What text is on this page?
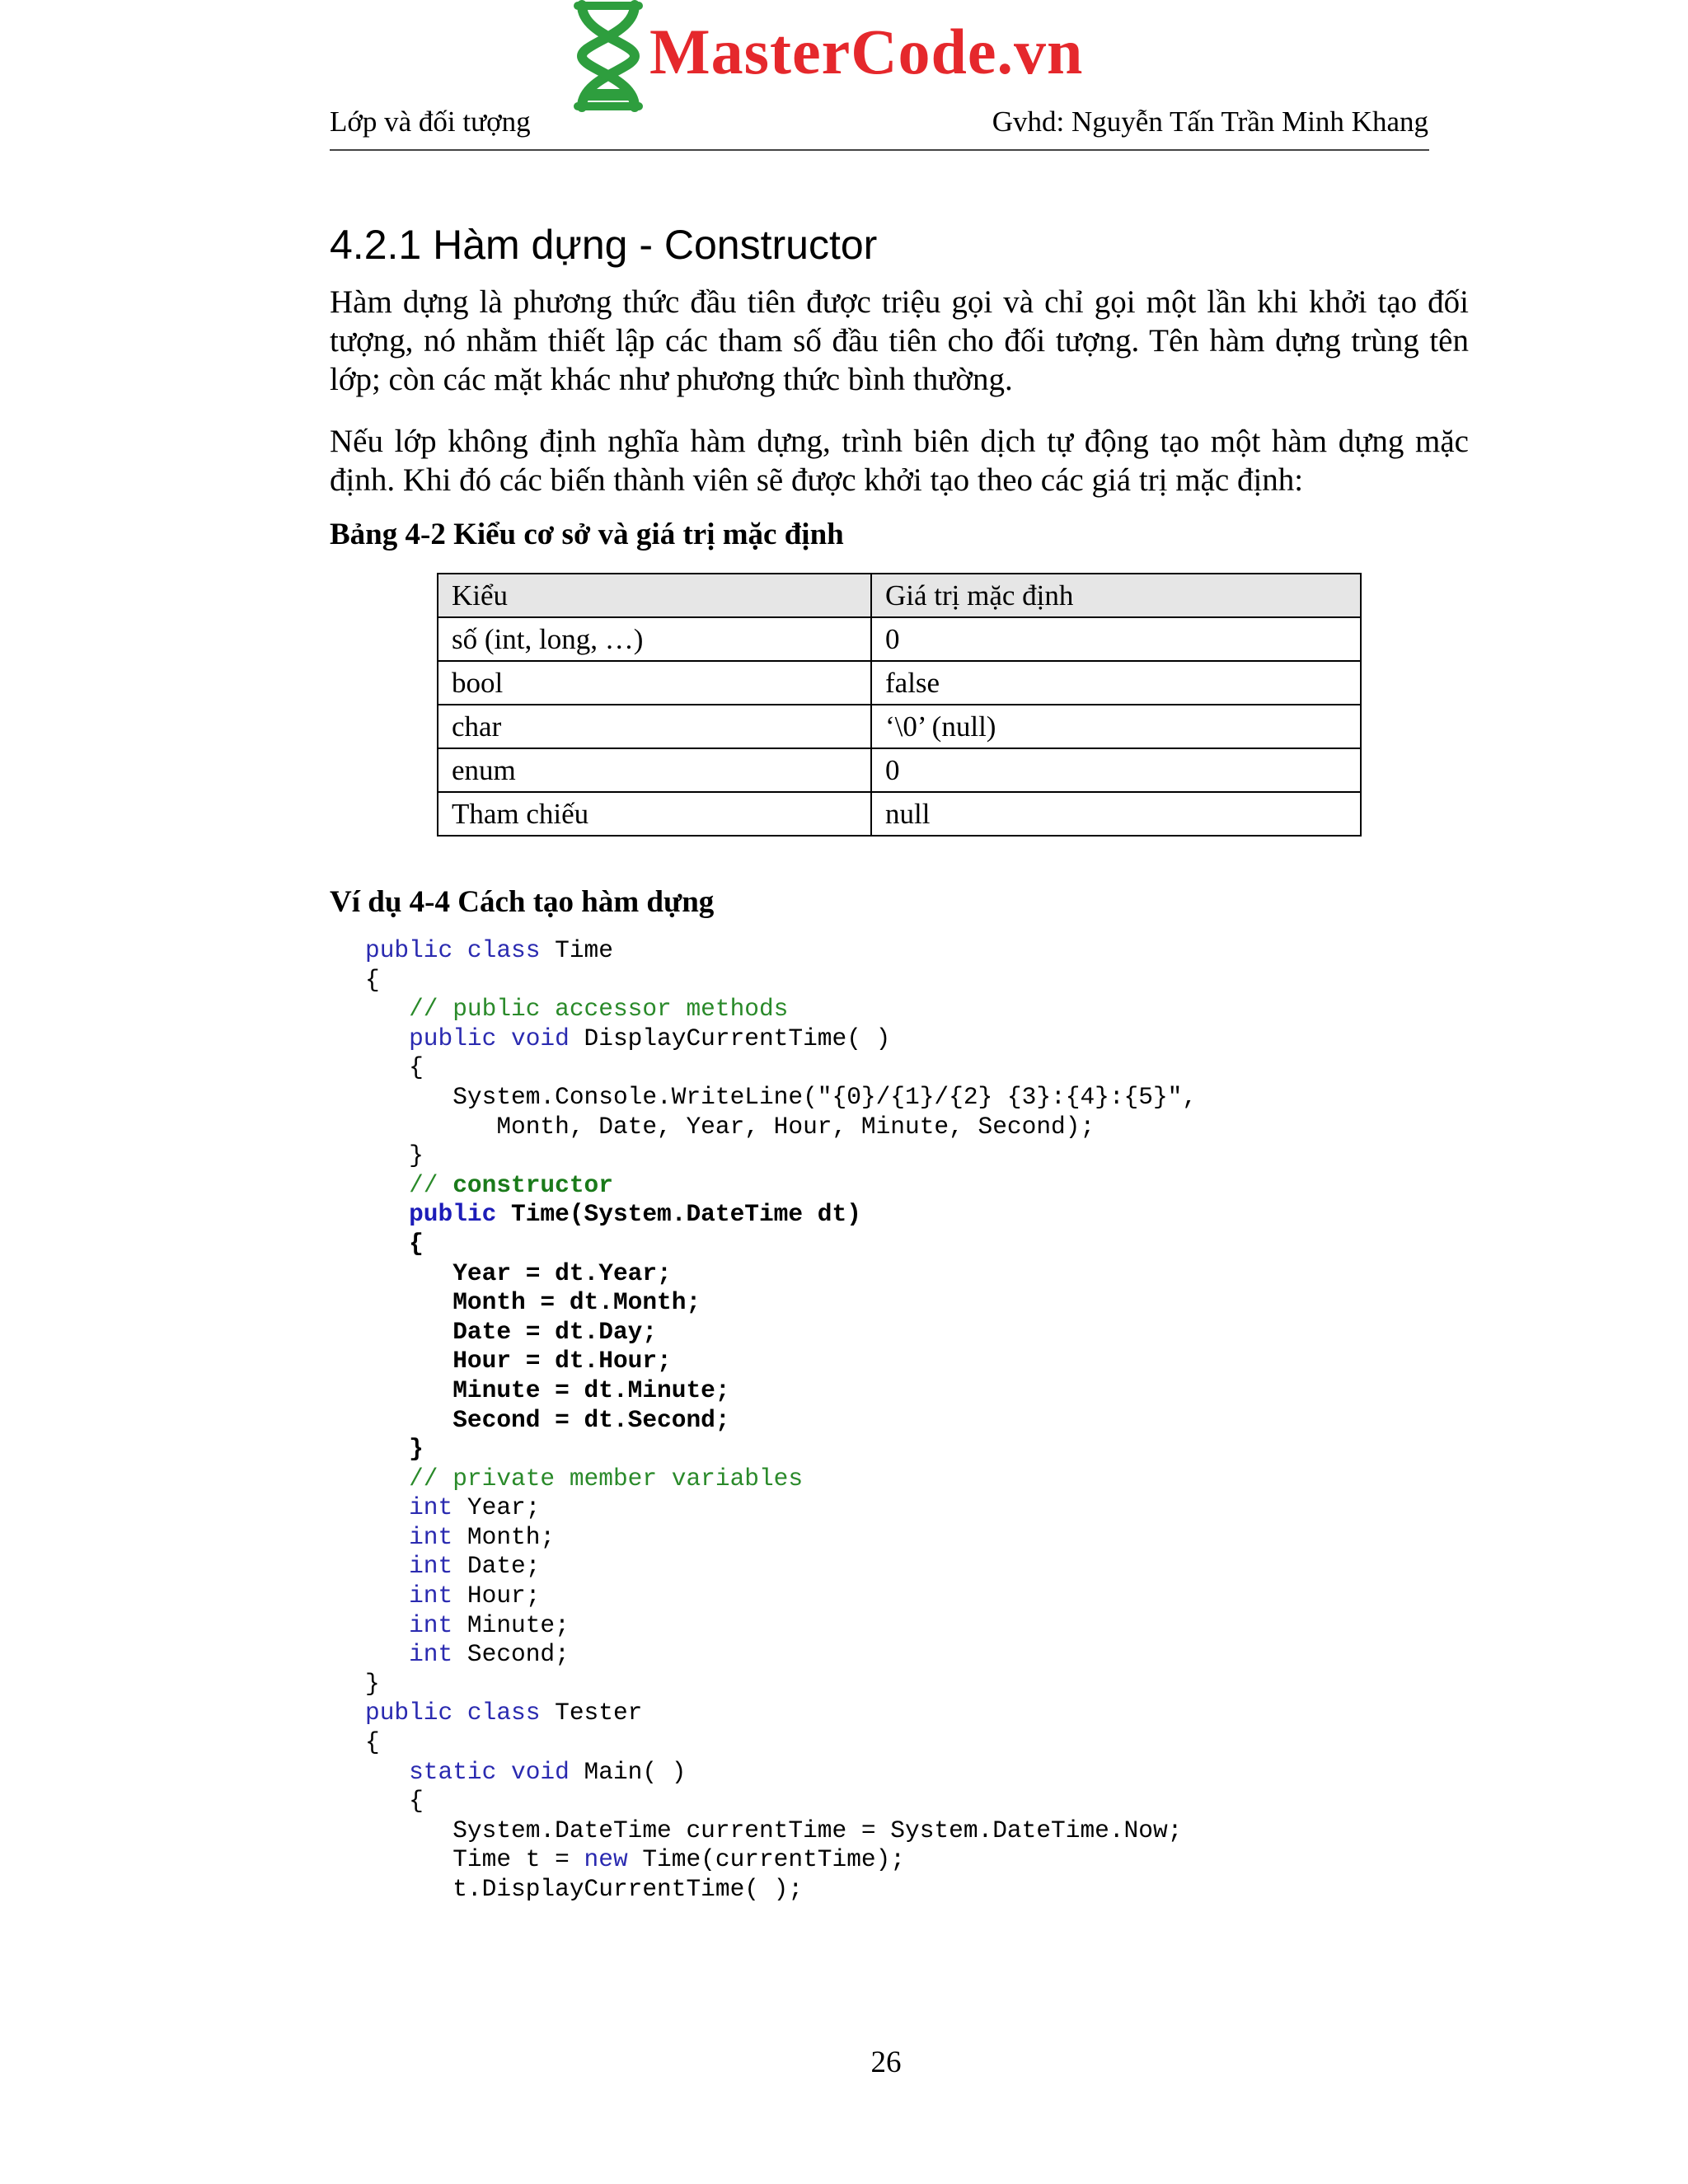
MasterCode.vn
Lớp và đối tượng	Gvhd: Nguyễn Tấn Trần Minh Khang
4.2.1 Hàm dựng - Constructor

Hàm dựng là phương thức đầu tiên được triệu gọi và chỉ gọi một lần khi khởi tạo đối tượng, nó nhằm thiết lập các tham số đầu tiên cho đối tượng. Tên hàm dựng trùng tên lớp; còn các mặt khác như phương thức bình thường.

Nếu lớp không định nghĩa hàm dựng, trình biên dịch tự động tạo một hàm dựng mặc định. Khi đó các biến thành viên sẽ được khởi tạo theo các giá trị mặc định:

Bảng 4-2 Kiểu cơ sở và giá trị mặc định
Kiểu	Giá trị mặc định
số (int, long, …)	0
bool	false
char	‘\0’ (null)
enum	0
Tham chiếu	null
Ví dụ 4-4 Cách tạo hàm dựng
public class Time
{
// public accessor methods
public void DisplayCurrentTime( )
{
System.Console.WriteLine("{0}/{1}/{2} {3}:{4}:{5}",
Month, Date, Year, Hour, Minute, Second);
}
// constructor
public Time(System.DateTime dt)
{
Year = dt.Year;
Month = dt.Month;
Date = dt.Day;
Hour = dt.Hour;
Minute = dt.Minute;
Second = dt.Second;
}
// private member variables
int Year;
int Month;
int Date;
int Hour;
int Minute;
int Second;
}
public class Tester
{
static void Main( )
{
System.DateTime currentTime = System.DateTime.Now;
Time t = new Time(currentTime);
t.DisplayCurrentTime( );
26
